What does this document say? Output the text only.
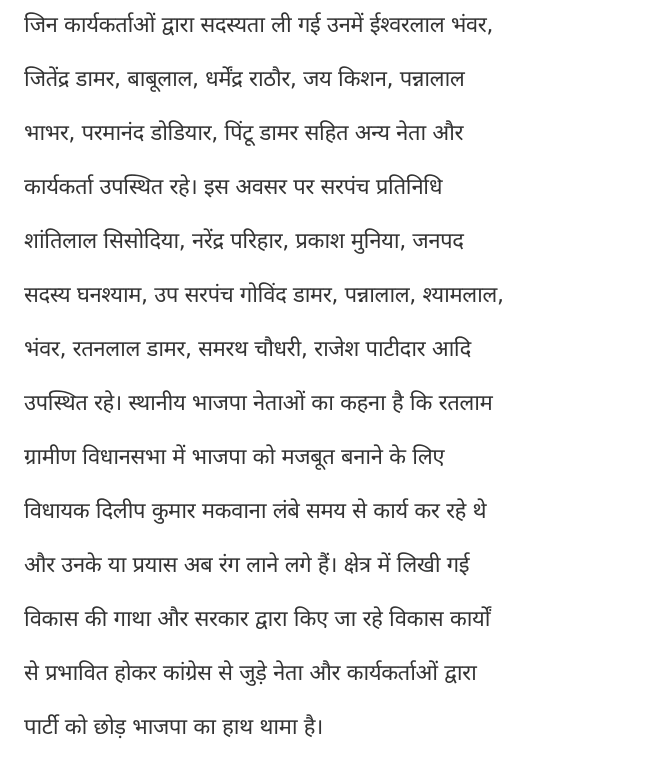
जिन कार्यकर्ताओं द्वारा सदस्यता ली गई उनमें ईश्वरलाल भंवर,
जितेंद्र डामर, बाबूलाल, धर्मेंद्र राठौर, जय किशन, पन्नालाल
भाभर, परमानंद डोडियार, पिंटू डामर सहित अन्य नेता और
कार्यकर्ता उपस्थित रहे। इस अवसर पर सरपंच प्रतिनिधि
शांतिलाल सिसोदिया, नरेंद्र परिहार, प्रकाश मुनिया, जनपद
सदस्य घनश्याम, उप सरपंच गोविंद डामर, पन्नालाल, श्यामलाल,
भंवर, रतनलाल डामर, समरथ चौधरी, राजेश पाटीदार आदि
उपस्थित रहे। स्थानीय भाजपा नेताओं का कहना है कि रतलाम
ग्रामीण विधानसभा में भाजपा को मजबूत बनाने के लिए
विधायक दिलीप कुमार मकवाना लंबे समय से कार्य कर रहे थे
और उनके या प्रयास अब रंग लाने लगे हैं। क्षेत्र में लिखी गई
विकास की गाथा और सरकार द्वारा किए जा रहे विकास कार्यों
से प्रभावित होकर कांग्रेस से जुड़े नेता और कार्यकर्ताओं द्वारा
पार्टी को छोड़ भाजपा का हाथ थामा है।
